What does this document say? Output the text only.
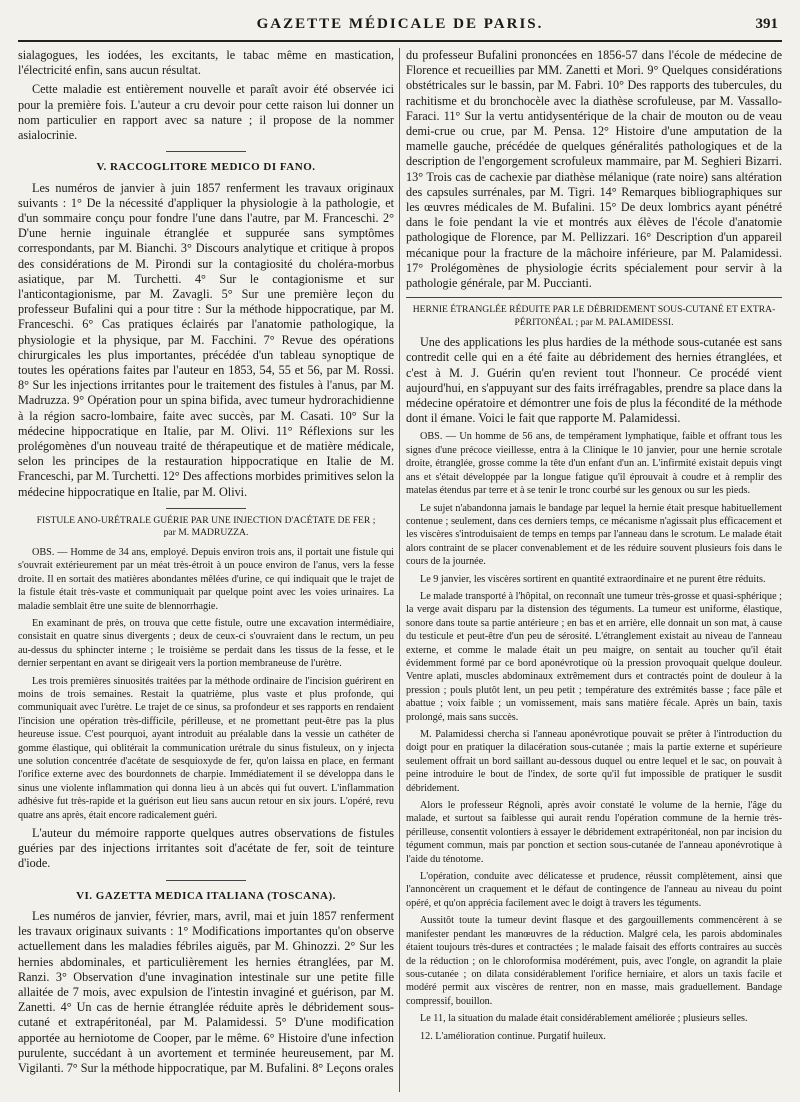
GAZETTE MÉDICALE DE PARIS.	391

sialagogues, les iodées, les excitants, le tabac même en mastication, l'électricité enfin, sans aucun résultat.

Cette maladie est entièrement nouvelle et paraît avoir été observée ici pour la première fois. L'auteur a cru devoir pour cette raison lui donner un nom particulier en rapport avec sa nature ; il propose de la nommer asialocrinie.

V. RACCOGLITORE MEDICO DI FANO.

Les numéros de janvier à juin 1857 renferment les travaux originaux suivants : 1° De la nécessité d'appliquer la physiologie à la pathologie, et d'un sommaire conçu pour fondre l'une dans l'autre, par M. Franceschi. 2° D'une hernie inguinale étranglée et suppurée sans symptômes correspondants, par M. Bianchi. 3° Discours analytique et critique à propos des considérations de M. Pirondi sur la contagiosité du choléra-morbus asiatique, par M. Turchetti. 4° Sur le contagionisme et sur l'anticontagionisme, par M. Zavagli. 5° Sur une première leçon du professeur Bufalini qui a pour titre : Sur la méthode hippocratique, par M. Franceschi. 6° Cas pratiques éclairés par l'anatomie pathologique, la physiologie et la physique, par M. Facchini. 7° Revue des opérations chirurgicales les plus importantes, précédée d'un tableau synoptique de toutes les opérations faites par l'auteur en 1853, 54, 55 et 56, par M. Rossi. 8° Sur les injections irritantes pour le traitement des fistules à l'anus, par M. Madruzza. 9° Opération pour un spina bifida, avec tumeur hydrorachidienne à la région sacro-lombaire, faite avec succès, par M. Casati. 10° Sur la médecine hippocratique en Italie, par M. Olivi. 11° Réflexions sur les prolégomènes d'un nouveau traité de thérapeutique et de matière médicale, selon les principes de la restauration hippocratique en Italie de M. Franceschi, par M. Turchetti. 12° Des affections morbides primitives selon la médecine hippocratique en Italie, par M. Olivi.

FISTULE ANO-URÉTRALE GUÉRIE PAR UNE INJECTION D'ACÉTATE DE FER ;
par M. MADRUZZA.

OBS. — Homme de 34 ans, employé. Depuis environ trois ans, il portait une fistule qui s'ouvrait extérieurement par un méat très-étroit à un pouce environ de l'anus, vers la fesse droite. Il en sortait des matières abondantes mêlées d'urine, ce qui indiquait que le trajet de la fistule était très-vaste et communiquait par quelque point avec les voies urinaires. La maladie semblait être une suite de blennorrhagie.

En examinant de près, on trouva que cette fistule, outre une excavation intermédiaire, consistait en quatre sinus divergents ; deux de ceux-ci s'ouvraient dans le rectum, un peu au-dessus du sphincter interne ; le troisième se perdait dans les tissus de la fesse, et le dernier serpentant en avant se dirigeait vers la portion membraneuse de l'urètre.

Les trois premières sinuosités traitées par la méthode ordinaire de l'incision guérirent en moins de trois semaines. Restait la quatrième, plus vaste et plus profonde, qui communiquait avec l'urètre. Le trajet de ce sinus, sa profondeur et ses rapports en rendaient l'incision une opération très-difficile, périlleuse, et ne promettant peut-être pas la plus heureuse issue. C'est pourquoi, ayant introduit au préalable dans la vessie un cathéter de gomme élastique, qui oblitérait la communication urétrale du sinus fistuleux, on y injecta une solution concentrée d'acétate de sesquioxyde de fer, qu'on laissa en place, en fermant l'orifice externe avec des bourdonnets de charpie. Immédiatement il se développa dans le sinus une violente inflammation qui donna lieu à un abcès qui fut ouvert. L'inflammation adhésive fut très-rapide et la guérison eut lieu sans aucun retour en six jours. L'opéré, revu quatre ans après, était encore radicalement guéri.

L'auteur du mémoire rapporte quelques autres observations de fistules guéries par des injections irritantes soit d'acétate de fer, soit de teinture d'iode.

VI. GAZETTA MEDICA ITALIANA (TOSCANA).

Les numéros de janvier, février, mars, avril, mai et juin 1857 renferment les travaux originaux suivants : 1° Modifications importantes qu'on observe actuellement dans les maladies fébriles aiguës, par M. Ghinozzi. 2° Sur les hernies abdominales, et particulièrement les hernies étranglées, par M. Ranzi. 3° Observation d'une invagination intestinale sur une petite fille allaitée de 7 mois, avec expulsion de l'intestin invaginé et guérison, par M. Zanetti. 4° Un cas de hernie étranglée réduite après le débridement sous-cutané et extrapéritonéal, par M. Palamidessi. 5° D'une modification apportée au herniotome de Cooper, par le même. 6° Histoire d'une infection purulente, succédant à un avortement et terminée heureusement, par M. Vigilanti. 7° Sur la méthode hippocratique, par M. Bufalini. 8° Leçons orales

du professeur Bufalini prononcées en 1856-57 dans l'école de médecine de Florence et recueillies par MM. Zanetti et Mori. 9° Quelques considérations obstétricales sur le bassin, par M. Fabri. 10° Des rapports des tubercules, du rachitisme et du bronchocèle avec la diathèse scrofuleuse, par M. Vassallo-Faraci. 11° Sur la vertu antidysentérique de la chair de mouton ou de veau demi-crue ou crue, par M. Pensa. 12° Histoire d'une amputation de la mamelle gauche, précédée de quelques généralités pathologiques et de la description de l'engorgement scrofuleux mammaire, par M. Seghieri Bizarri. 13° Trois cas de cachexie par diathèse mélanique (rate noire) sans altération des capsules surrénales, par M. Tigri. 14° Remarques bibliographiques sur les œuvres médicales de M. Bufalini. 15° De deux lombrics ayant pénétré dans le foie pendant la vie et montrés aux élèves de l'école d'anatomie pathologique de Florence, par M. Pellizzari. 16° Description d'un appareil mécanique pour la fracture de la mâchoire inférieure, par M. Palamidessi. 17° Prolégomènes de physiologie écrits spécialement pour servir à la pathologie générale, par M. Puccianti.

HERNIE ÉTRANGLÉE RÉDUITE PAR LE DÉBRIDEMENT SOUS-CUTANÉ ET EXTRA-
PÉRITONÉAL ; par M. PALAMIDESSI.

Une des applications les plus hardies de la méthode sous-cutanée est sans contredit celle qui en a été faite au débridement des hernies étranglées, et c'est à M. J. Guérin qu'en revient tout l'honneur. Ce procédé vient aujourd'hui, en s'appuyant sur des faits irréfragables, prendre sa place dans la médecine opératoire et démontrer une fois de plus la fécondité de la méthode dont il émane. Voici le fait que rapporte M. Palamidessi.

OBS. — Un homme de 56 ans, de tempérament lymphatique, faible et offrant tous les signes d'une précoce vieillesse, entra à la Clinique le 10 janvier, pour une hernie scrotale droite, étranglée, grosse comme la tête d'un enfant d'un an. L'infirmité existait depuis vingt ans et s'était développée par la longue fatigue qu'il éprouvait à coudre et à remplir des matelas étendus par terre et à se tenir le tronc courbé sur les genoux ou sur les pieds.

Le sujet n'abandonna jamais le bandage par lequel la hernie était presque habituellement contenue ; seulement, dans ces derniers temps, ce mécanisme n'agissait plus efficacement et les viscères s'introduisaient de temps en temps par l'anneau dans le scrotum. Le malade était alors contraint de se placer convenablement et de les réduire souvent plusieurs fois dans le cours de la journée.

Le 9 janvier, les viscères sortirent en quantité extraordinaire et ne purent être réduits.

Le malade transporté à l'hôpital, on reconnaît une tumeur très-grosse et quasi-sphérique ; la verge avait disparu par la distension des téguments. La tumeur est uniforme, élastique, sonore dans toute sa partie antérieure ; en bas et en arrière, elle donnait un son mat, à cause du testicule et peut-être d'un peu de sérosité. L'étranglement existait au niveau de l'anneau externe, et comme le malade était un peu maigre, on sentait au toucher qu'il était évidemment formé par ce bord aponévrotique où la pression provoquait quelque douleur. Ventre aplati, muscles abdominaux extrêmement durs et contractés point de douleur à la pression ; pouls plutôt lent, un peu petit ; température des extrémités basse ; face pâle et abattue ; voix faible ; un vomissement, mais sans matière fécale. Après un bain, taxis prolongé, mais sans succès.

M. Palamidessi chercha si l'anneau aponévrotique pouvait se prêter à l'introduction du doigt pour en pratiquer la dilacération sous-cutanée ; mais la partie externe et supérieure seulement offrait un bord saillant au-dessous duquel ou entre lequel et le sac, on pouvait à peine introduire le bout de l'index, de sorte qu'il fut impossible de pratiquer le susdit débridement.

Alors le professeur Régnoli, après avoir constaté le volume de la hernie, l'âge du malade, et surtout sa faiblesse qui aurait rendu l'opération commune de la hernie très-périlleuse, consentit volontiers à essayer le débridement extrapéritonéal, non par incision du tégument commun, mais par ponction et section sous-cutanée de l'anneau aponévrotique à l'aide du ténotome.

L'opération, conduite avec délicatesse et prudence, réussit complètement, ainsi que l'annoncèrent un craquement et le défaut de contingence de l'anneau au niveau du point opéré, et qu'on apprécia facilement avec le doigt à travers les téguments.

Aussitôt toute la tumeur devint flasque et des gargouillements commencèrent à se manifester pendant les manœuvres de la réduction. Malgré cela, les parois abdominales étaient toujours très-dures et contractées ; le malade faisait des efforts contraires au succès de la réduction ; on le chloroformisa modérément, puis, avec l'ongle, on agrandit la plaie sous-cutanée ; on dilata considérablement l'orifice herniaire, et alors un taxis facile et modéré permit aux viscères de rentrer, non en masse, mais graduellement. Bandage compressif, bouillon.

Le 11, la situation du malade était considérablement améliorée ; plusieurs selles.

12. L'amélioration continue. Purgatif huileux.
